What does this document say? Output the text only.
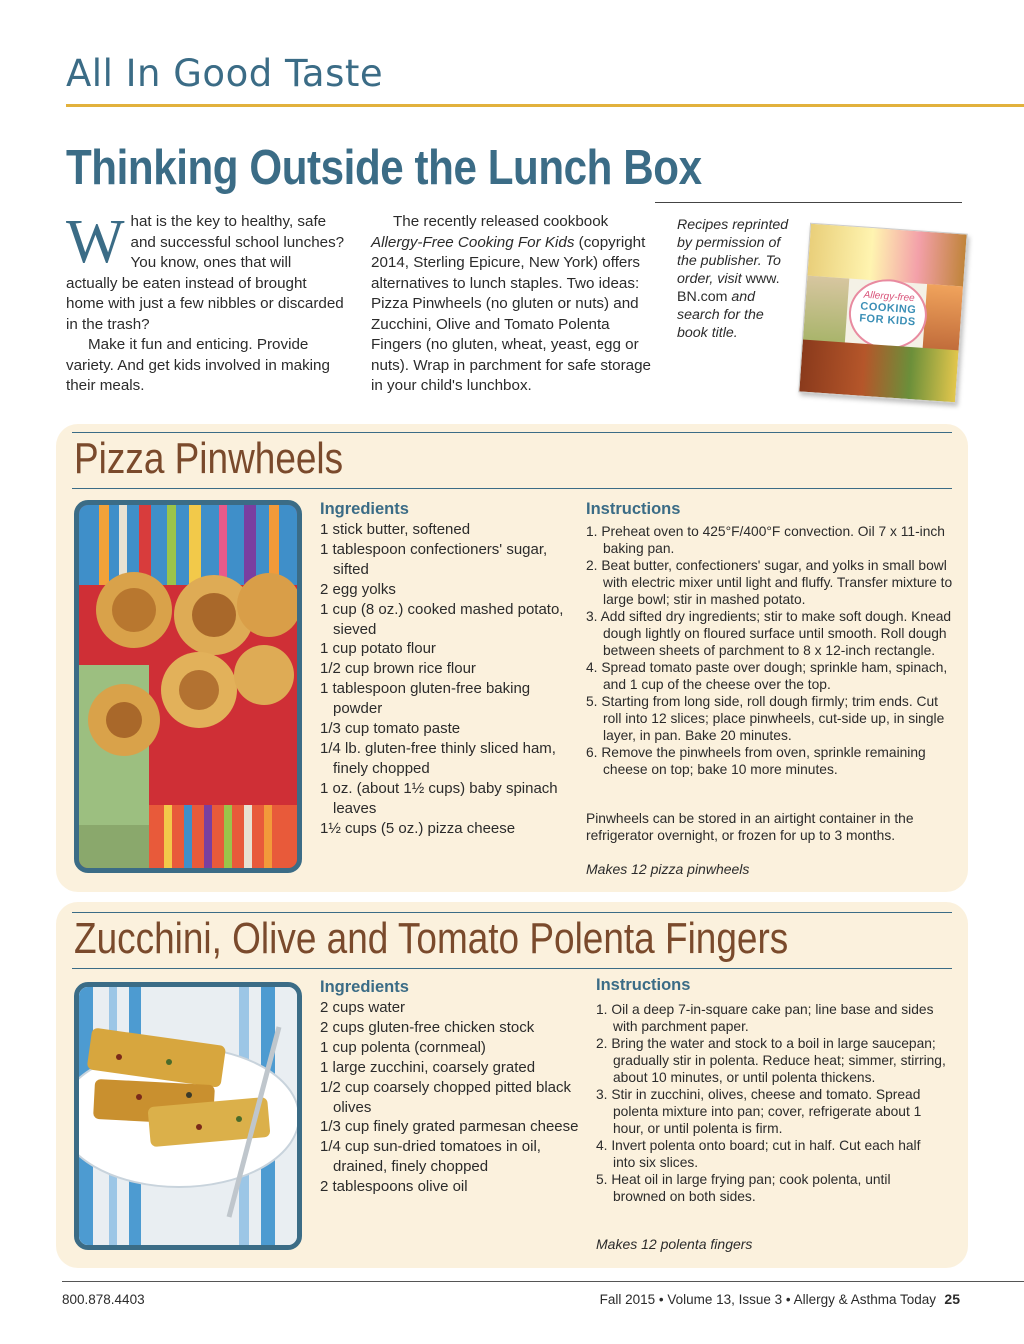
All In Good Taste
Thinking Outside the Lunch Box

What is the key to healthy, safe and successful school lunches? You know, ones that will actually be eaten instead of brought home with just a few nibbles or discarded in the trash?

Make it fun and enticing. Provide variety. And get kids involved in making their meals.

The recently released cookbook Allergy-Free Cooking For Kids (copyright 2014, Sterling Epicure, New York) offers alternatives to lunch staples. Two ideas: Pizza Pinwheels (no gluten or nuts) and Zucchini, Olive and Tomato Polenta Fingers (no gluten, wheat, yeast, egg or nuts). Wrap in parchment for safe storage in your child's lunchbox.

Recipes reprinted by permission of the publisher. To order, visit www. BN.com and search for the book title.
Allergy-free
COOKING
FOR KIDS
Pizza Pinwheels
Ingredients
1 stick butter, softened
1 tablespoon confectioners' sugar, sifted
2 egg yolks
1 cup (8 oz.) cooked mashed potato, sieved
1 cup potato flour
1/2 cup brown rice flour
1 tablespoon gluten-free baking powder
1/3 cup tomato paste
1/4 lb. gluten-free thinly sliced ham, finely chopped
1 oz. (about 1½ cups) baby spinach leaves
1½ cups (5 oz.) pizza cheese
Instructions
1. Preheat oven to 425°F/400°F convection. Oil 7 x 11-inch baking pan.
2. Beat butter, confectioners' sugar, and yolks in small bowl with electric mixer until light and fluffy. Transfer mixture to large bowl; stir in mashed potato.
3. Add sifted dry ingredients; stir to make soft dough. Knead dough lightly on floured surface until smooth. Roll dough between sheets of parchment to 8 x 12-inch rectangle.
4. Spread tomato paste over dough; sprinkle ham, spinach, and 1 cup of the cheese over the top.
5. Starting from long side, roll dough firmly; trim ends. Cut roll into 12 slices; place pinwheels, cut-side up, in single layer, in pan. Bake 20 minutes.
6. Remove the pinwheels from oven, sprinkle remaining cheese on top; bake 10 more minutes.

Pinwheels can be stored in an airtight container in the refrigerator overnight, or frozen for up to 3 months.

Makes 12 pizza pinwheels

Zucchini, Olive and Tomato Polenta Fingers
Ingredients
2 cups water
2 cups gluten-free chicken stock
1 cup polenta (cornmeal)
1 large zucchini, coarsely grated
1/2 cup coarsely chopped pitted black olives
1/3 cup finely grated parmesan cheese
1/4 cup sun-dried tomatoes in oil, drained, finely chopped
2 tablespoons olive oil
Instructions
1. Oil a deep 7-in-square cake pan; line base and sides with parchment paper.
2. Bring the water and stock to a boil in large saucepan; gradually stir in polenta. Reduce heat; simmer, stirring, about 10 minutes, or until polenta thickens.
3. Stir in zucchini, olives, cheese and tomato. Spread polenta mixture into pan; cover, refrigerate about 1 hour, or until polenta is firm.
4. Invert polenta onto board; cut in half. Cut each half into six slices.
5. Heat oil in large frying pan; cook polenta, until browned on both sides.

Makes 12 polenta fingers

800.878.4403	Fall 2015 • Volume 13, Issue 3 • Allergy & Asthma Today 25
